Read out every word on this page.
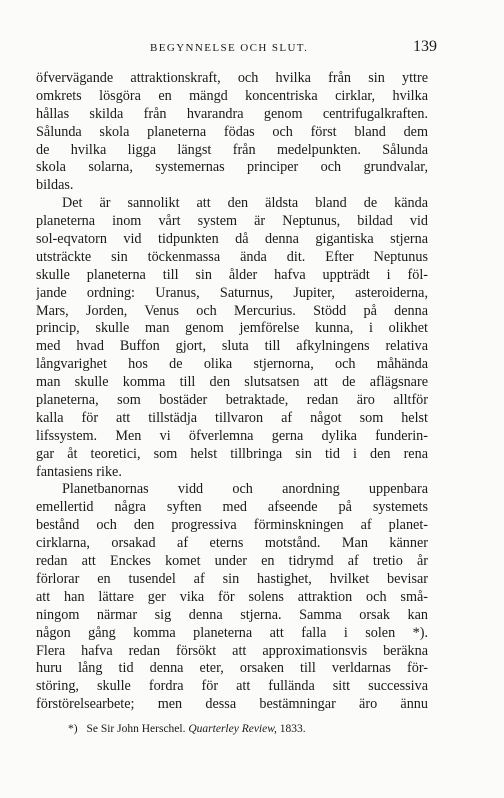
BEGYNNELSE OCH SLUT.	139
öfvervägande attraktionskraft, och hvilka från sin yttre
omkrets lösgöra en mängd koncentriska cirklar, hvilka
hållas skilda från hvarandra genom centrifugalkraften.
Sålunda skola planeterna födas och först bland dem
de hvilka ligga längst från medelpunkten. Sålunda
skola solarna, systemernas principer och grundvalar,
bildas.
Det är sannolikt att den äldsta bland de kända
planeterna inom vårt system är Neptunus, bildad vid
sol-eqvatorn vid tidpunkten då denna gigantiska stjerna
utsträckte sin töckenmassa ända dit. Efter Neptunus
skulle planeterna till sin ålder hafva uppträdt i föl-
jande ordning: Uranus, Saturnus, Jupiter, asteroiderna,
Mars, Jorden, Venus och Mercurius. Stödd på denna
princip, skulle man genom jemförelse kunna, i olikhet
med hvad Buffon gjort, sluta till afkylningens relativa
långvarighet hos de olika stjernorna, och måhända
man skulle komma till den slutsatsen att de aflägsnare
planeterna, som bostäder betraktade, redan äro alltför
kalla för att tillstädja tillvaron af något som helst
lifssystem. Men vi öfverlemna gerna dylika funderin-
gar åt teoretici, som helst tillbringa sin tid i den rena
fantasiens rike.
Planetbanornas vidd och anordning uppenbara
emellertid några syften med afseende på systemets
bestånd och den progressiva förminskningen af planet-
cirklarna, orsakad af eterns motstånd. Man känner
redan att Enckes komet under en tidrymd af tretio år
förlorar en tusendel af sin hastighet, hvilket bevisar
att han lättare ger vika för solens attraktion och små-
ningom närmar sig denna stjerna. Samma orsak kan
någon gång komma planeterna att falla i solen *).
Flera hafva redan försökt att approximationsvis beräkna
huru lång tid denna eter, orsaken till verldarnas för-
störing, skulle fordra för att fullända sitt successiva
förstörelsearbete; men dessa bestämningar äro ännu
*) Se Sir John Herschel. Quarterley Review, 1833.
